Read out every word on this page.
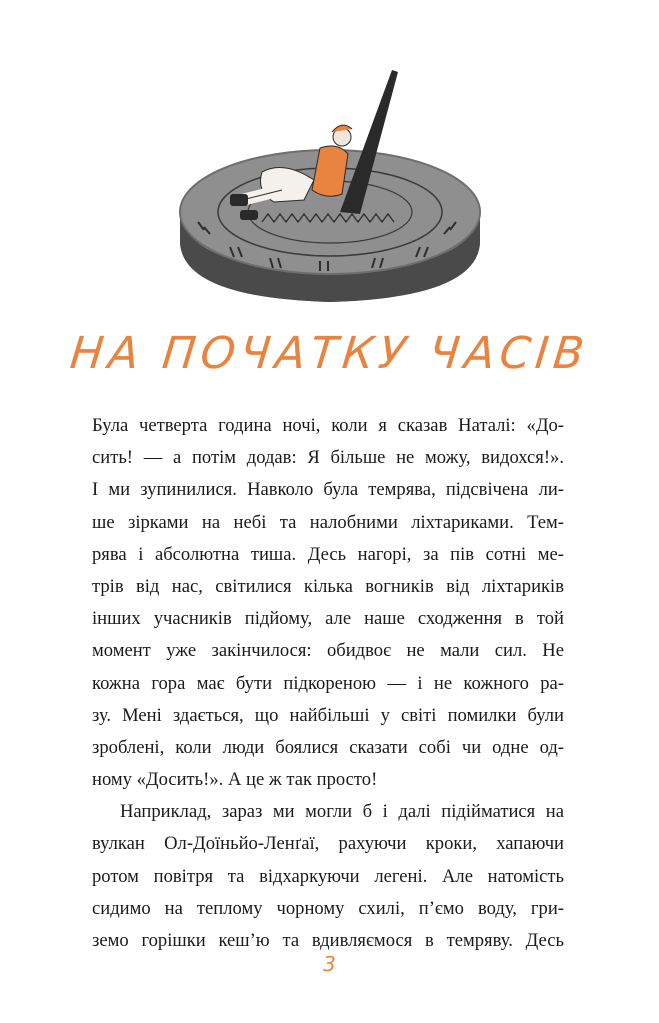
НА ПОЧАТКУ ЧАСІВ
Була четверта година ночі, коли я сказав Наталі: «До-
сить! — а потім додав: Я більше не можу, видохся!».
І ми зупинилися. Навколо була темрява, підсвічена ли-
ше зірками на небі та налобними ліхтариками. Тем-
рява і абсолютна тиша. Десь нагорі, за пів сотні ме-
трів від нас, світилися кілька вогників від ліхтариків
інших учасників підйому, але наше сходження в той
момент уже закінчилося: обидвоє не мали сил. Не
кожна гора має бути підкореною — і не кожного ра-
зу. Мені здається, що найбільші у світі помилки були
зроблені, коли люди боялися сказати собі чи одне од-
ному «Досить!». А це ж так просто!
Наприклад, зараз ми могли б і далі підійматися на
вулкан Ол-Доїньйо-Ленґаї, рахуючи кроки, хапаючи
ротом повітря та відхаркуючи легені. Але натомість
сидимо на теплому чорному схилі, п’ємо воду, гри-
земо горішки кеш’ю та вдивляємося в темряву. Десь
3
